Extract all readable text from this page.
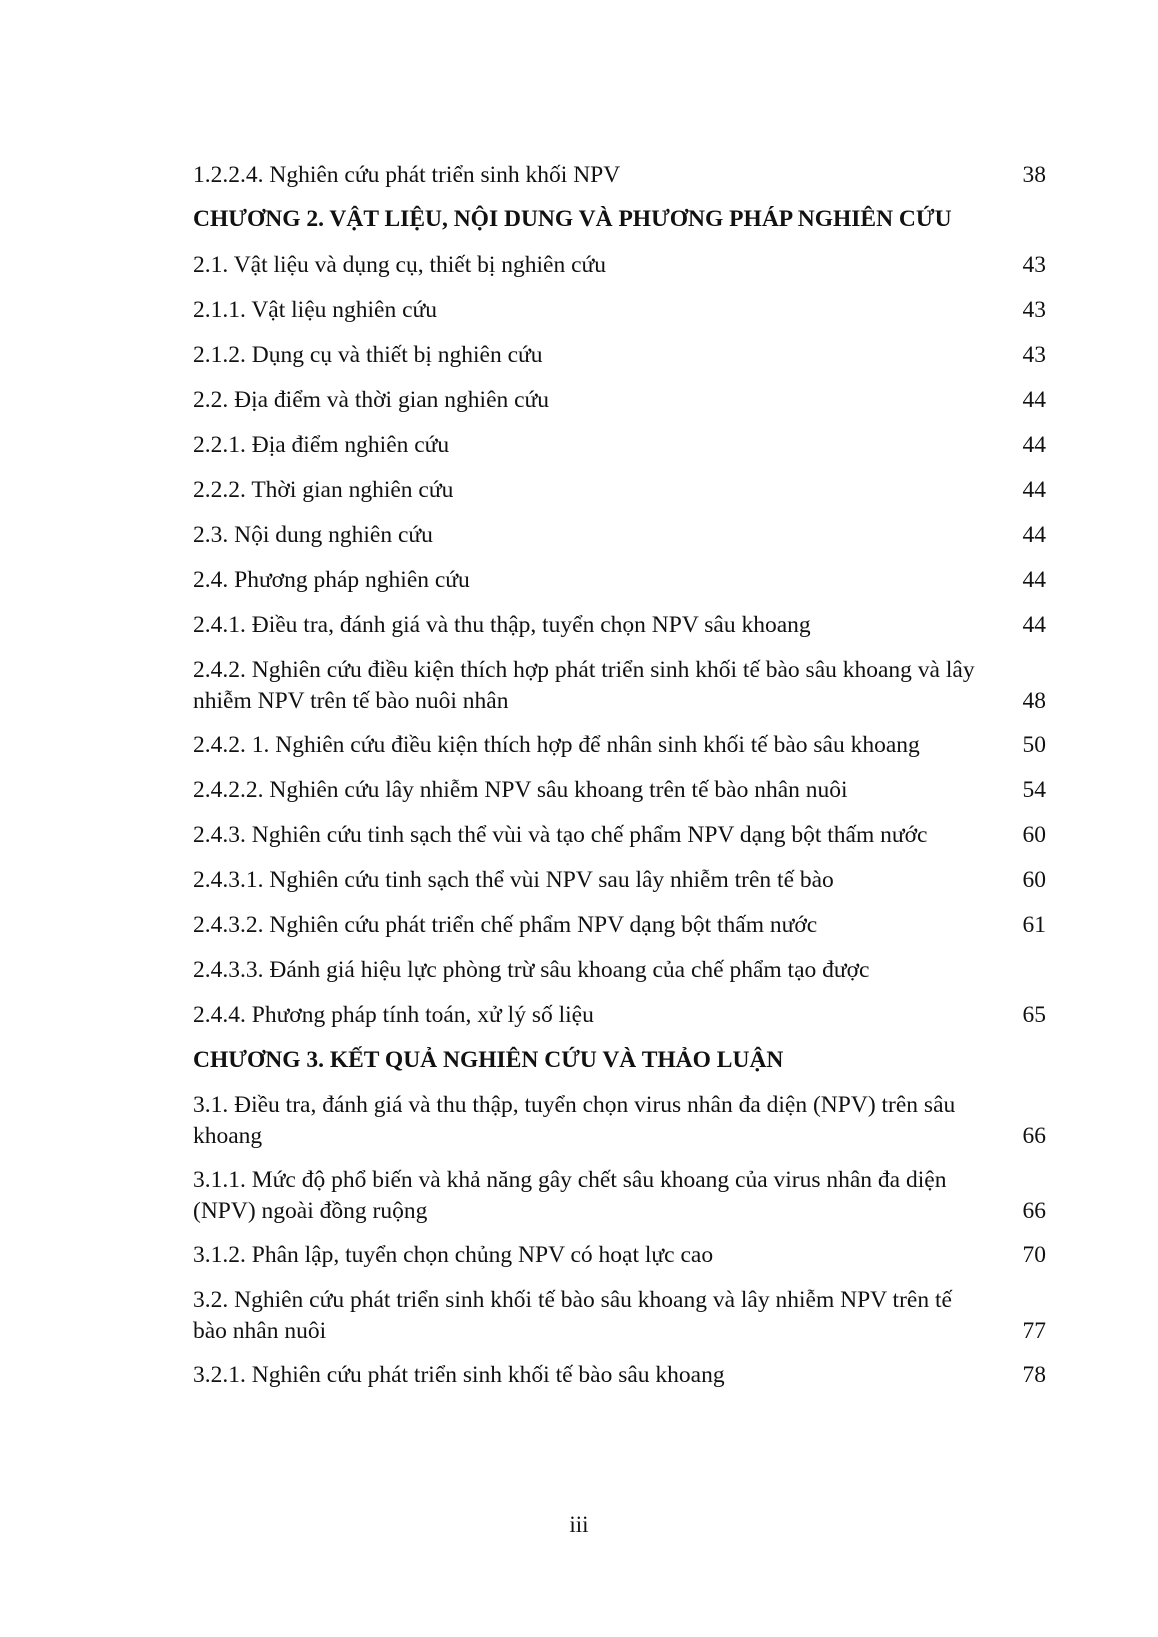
1.2.2.4. Nghiên cứu phát triển sinh khối NPV	38
CHƯƠNG 2. VẬT LIỆU, NỘI DUNG VÀ PHƯƠNG PHÁP NGHIÊN CỨU
2.1. Vật liệu và dụng cụ, thiết bị nghiên cứu	43
2.1.1. Vật liệu nghiên cứu	43
2.1.2. Dụng cụ và thiết bị nghiên cứu	43
2.2. Địa điểm và thời gian nghiên cứu	44
2.2.1. Địa điểm nghiên cứu	44
2.2.2. Thời gian nghiên cứu	44
2.3. Nội dung nghiên cứu	44
2.4. Phương pháp nghiên cứu	44
2.4.1. Điều tra, đánh giá và thu thập, tuyển chọn NPV sâu khoang	44
2.4.2. Nghiên cứu điều kiện thích hợp phát triển sinh khối tế bào sâu khoang và lây nhiễm NPV trên tế bào nuôi nhân	48
2.4.2. 1. Nghiên cứu điều kiện thích hợp để nhân sinh khối tế bào sâu khoang	50
2.4.2.2. Nghiên cứu lây nhiễm NPV sâu khoang trên tế bào nhân nuôi	54
2.4.3. Nghiên cứu tinh sạch thể vùi và tạo chế phẩm NPV dạng bột thấm nước	60
2.4.3.1. Nghiên cứu tinh sạch thể vùi NPV sau lây nhiễm trên tế bào	60
2.4.3.2. Nghiên cứu phát triển chế phẩm NPV dạng bột thấm nước	61
2.4.3.3. Đánh giá hiệu lực phòng trừ sâu khoang của chế phẩm tạo được
2.4.4. Phương pháp tính toán, xử lý số liệu	65
CHƯƠNG 3. KẾT QUẢ NGHIÊN CỨU VÀ THẢO LUẬN
3.1. Điều tra, đánh giá và thu thập, tuyển chọn virus nhân đa diện (NPV) trên sâu khoang	66
3.1.1. Mức độ phổ biến và khả năng gây chết sâu khoang của virus nhân đa diện (NPV) ngoài đồng ruộng	66
3.1.2. Phân lập, tuyển chọn chủng NPV có hoạt lực cao	70
3.2. Nghiên cứu phát triển sinh khối tế bào sâu khoang và lây nhiễm NPV trên tế bào nhân nuôi	77
3.2.1. Nghiên cứu phát triển sinh khối tế bào sâu khoang	78
iii
